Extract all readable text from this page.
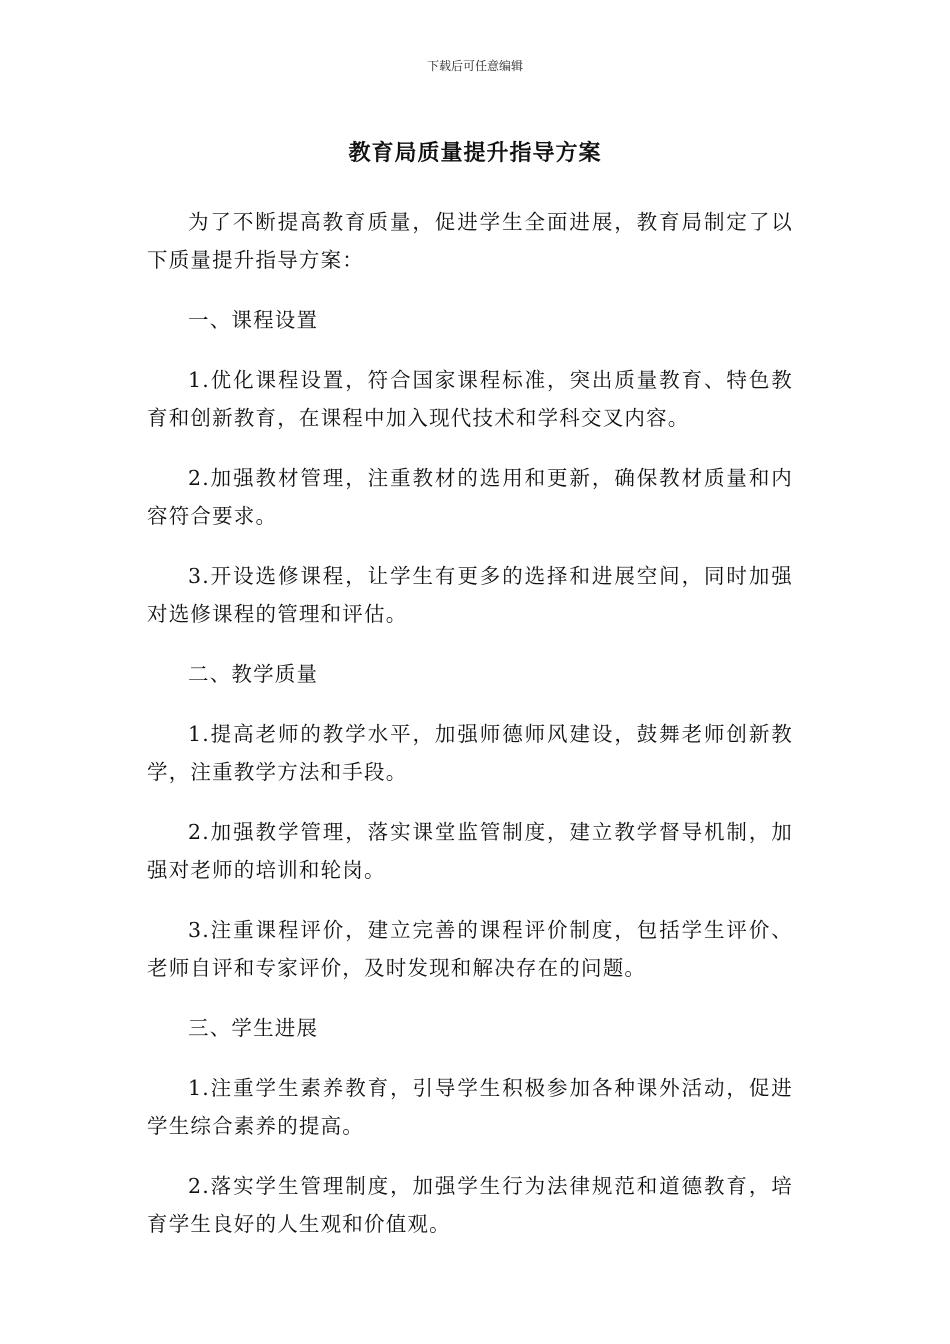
下载后可任意编辑
教育局质量提升指导方案

为了不断提高教育质量，促进学生全面进展，教育局制定了以下质量提升指导方案：

一、课程设置

1.优化课程设置，符合国家课程标准，突出质量教育、特色教育和创新教育，在课程中加入现代技术和学科交叉内容。

2.加强教材管理，注重教材的选用和更新，确保教材质量和内容符合要求。

3.开设选修课程，让学生有更多的选择和进展空间，同时加强对选修课程的管理和评估。

二、教学质量

1.提高老师的教学水平，加强师德师风建设，鼓舞老师创新教学，注重教学方法和手段。

2.加强教学管理，落实课堂监管制度，建立教学督导机制，加强对老师的培训和轮岗。

3.注重课程评价，建立完善的课程评价制度，包括学生评价、老师自评和专家评价，及时发现和解决存在的问题。

三、学生进展

1.注重学生素养教育，引导学生积极参加各种课外活动，促进学生综合素养的提高。

2.落实学生管理制度，加强学生行为法律规范和道德教育，培育学生良好的人生观和价值观。
